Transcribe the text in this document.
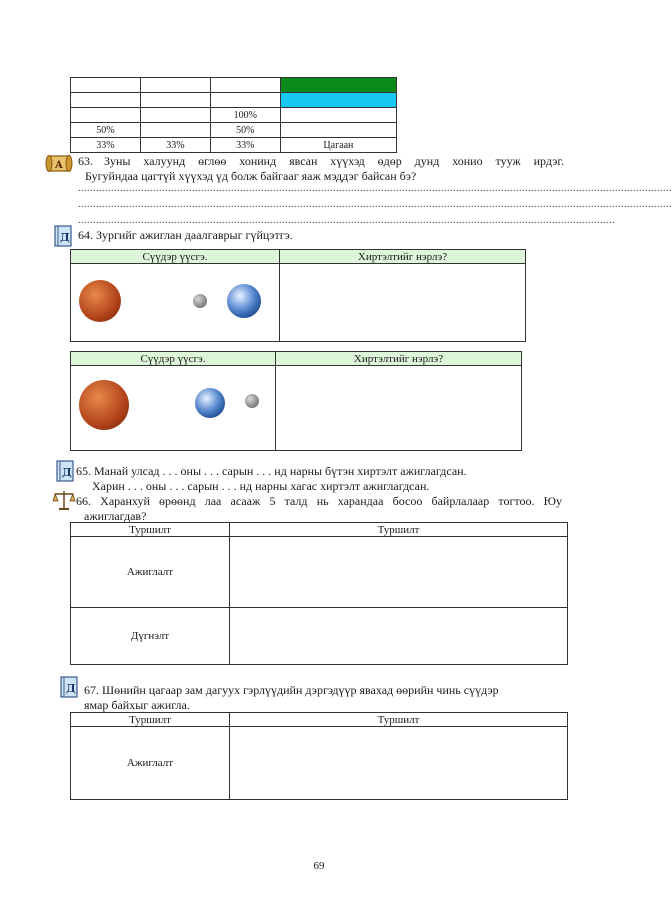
		100%	
50%		50%	
33%	33%	33%	Цагаан
A 63. Зуны халуунд өглөө хонинд явсан хүүхэд өдөр дунд хонио тууж ирдэг.
Бугуйндаа цагтүй хүүхэд үд болж байгааг яаж мэддэг байсан бэ?
......................................................................................................................................................................................................
......................................................................................................................................................................................................
...................................................................................................................................................................................
Д 64. Зургийг ажиглан даалгаврыг гүйцэтгэ.
Сүүдэр үүсгэ.	Хиртэлтийг нэрлэ?

Сүүдэр үүсгэ.	Хиртэлтийг нэрлэ?

Д 65. Манай улсад . . . оны . . . сарын . . . нд нарны бүтэн хиртэлт ажиглагдсан.
Харин . . . оны . . . сарын . . . нд нарны хагас хиртэлт ажиглагдсан.
66. Харанхуй өрөөнд лаа асааж 5 талд нь харандаа босоо байрлалаар тогтоо. Юу
ажиглагдав?
Туршилт	Туршилт
Ажиглалт	
Дүгнэлт	
Д 67. Шөнийн цагаар зам дагуух гэрлүүдийн дэргэдүүр явахад өөрийн чинь сүүдэр
ямар байхыг ажигла.
Туршилт	Туршилт
Ажиглалт	
69
